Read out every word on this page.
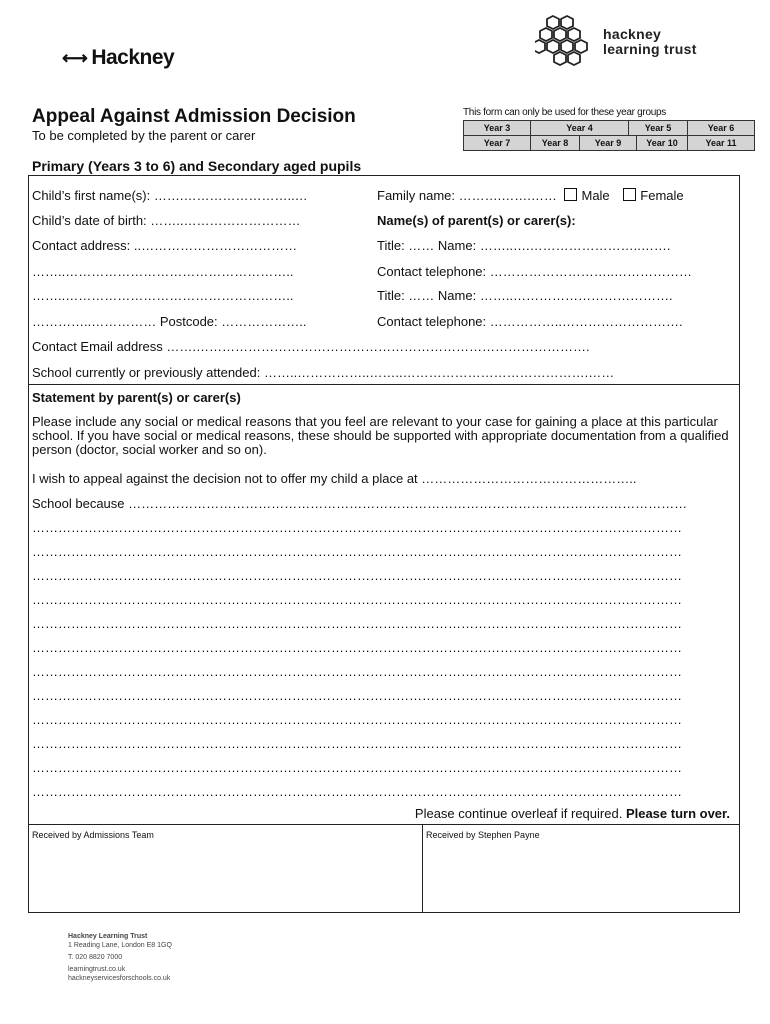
⟷ Hackney
hackney
learning trust
Appeal Against Admission Decision
To be completed by the parent or carer
Primary (Years 3 to 6) and Secondary aged pupils
This form can only be used for these year groups
Year 3	Year 4		Year 5		Year 6
Year 7	Year 8	Year 9		Year 10	Year 11
Child’s first name(s): …….……………………..…	Family name: ……….…….…… Male Female
Child’s date of birth: ……..………………………	Name(s) of parent(s) or carer(s):
Contact address: ..………………………………	Title: …… Name: ……..….……………………..…….
……..……………………………………………..	Contact telephone: ………………………..………………
……..……………………………………………..	Title: …… Name: ……..……………………………….
…………..…………… Postcode: ………………..	Contact telephone: ……………..……………………….
Contact Email address …….……………………………………………………………………………….
School currently or previously attended: ……..……………..……..…………………………………….……
Statement by parent(s) or carer(s)
Please include any social or medical reasons that you feel are relevant to your case for gaining a place at this particular school. If you have social or medical reasons, these should be supported with appropriate documentation from a qualified person (doctor, social worker and so on).
I wish to appeal against the decision not to offer my child a place at …………………………………………..
School because …………………………………………………………………………………………………………………
……………………………………………………………………………………………………………………………………
……………………………………………………………………………………………………………………………………
……………………………………………………………………………………………………………………………………
……………………………………………………………………………………………………………………………………
……………………………………………………………………………………………………………………………………
……………………………………………………………………………………………………………………………………
……………………………………………………………………………………………………………………………………
……………………………………………………………………………………………………………………………………
……………………………………………………………………………………………………………………………………
……………………………………………………………………………………………………………………………………
……………………………………………………………………………………………………………………………………
……………………………………………………………………………………………………………………………………
Please continue overleaf if required. Please turn over.
Received by Admissions Team	Received by Stephen Payne
Hackney Learning Trust
1 Reading Lane, London E8 1GQ
T. 020 8820 7000
learningtrust.co.uk
hackneyservicesforschools.co.uk
